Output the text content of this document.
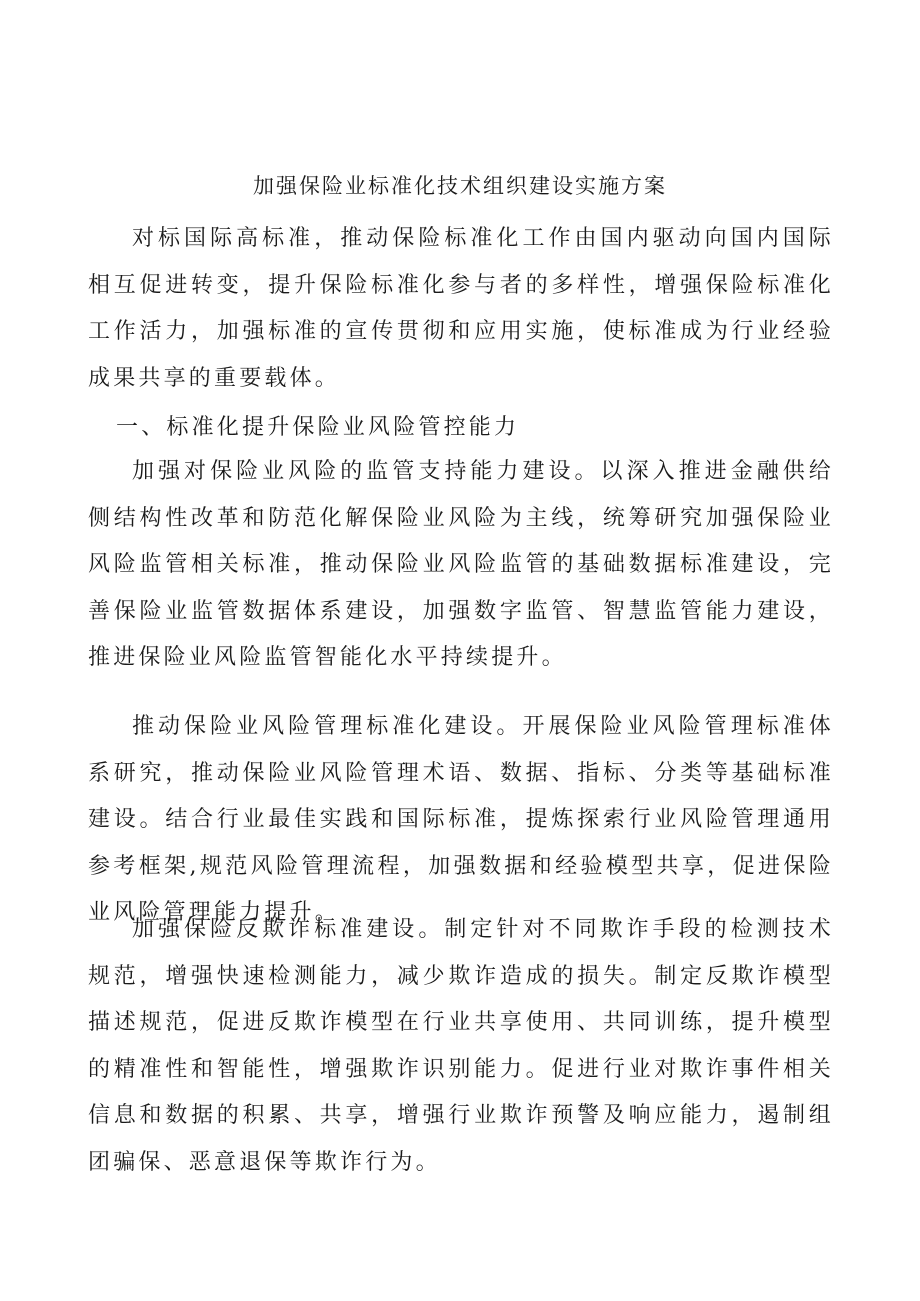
加强保险业标准化技术组织建设实施方案

对标国际高标准，推动保险标准化工作由国内驱动向国内国际相互促进转变，提升保险标准化参与者的多样性，增强保险标准化工作活力，加强标准的宣传贯彻和应用实施，使标准成为行业经验成果共享的重要载体。

一、标准化提升保险业风险管控能力

加强对保险业风险的监管支持能力建设。以深入推进金融供给侧结构性改革和防范化解保险业风险为主线，统筹研究加强保险业风险监管相关标准，推动保险业风险监管的基础数据标准建设，完善保险业监管数据体系建设，加强数字监管、智慧监管能力建设，推进保险业风险监管智能化水平持续提升。

推动保险业风险管理标准化建设。开展保险业风险管理标准体系研究，推动保险业风险管理术语、数据、指标、分类等基础标准建设。结合行业最佳实践和国际标准，提炼探索行业风险管理通用参考框架,规范风险管理流程，加强数据和经验模型共享，促进保险业风险管理能力提升。

加强保险反欺诈标准建设。制定针对不同欺诈手段的检测技术规范，增强快速检测能力，减少欺诈造成的损失。制定反欺诈模型描述规范，促进反欺诈模型在行业共享使用、共同训练，提升模型的精准性和智能性，增强欺诈识别能力。促进行业对欺诈事件相关信息和数据的积累、共享，增强行业欺诈预警及响应能力，遏制组团骗保、恶意退保等欺诈行为。
